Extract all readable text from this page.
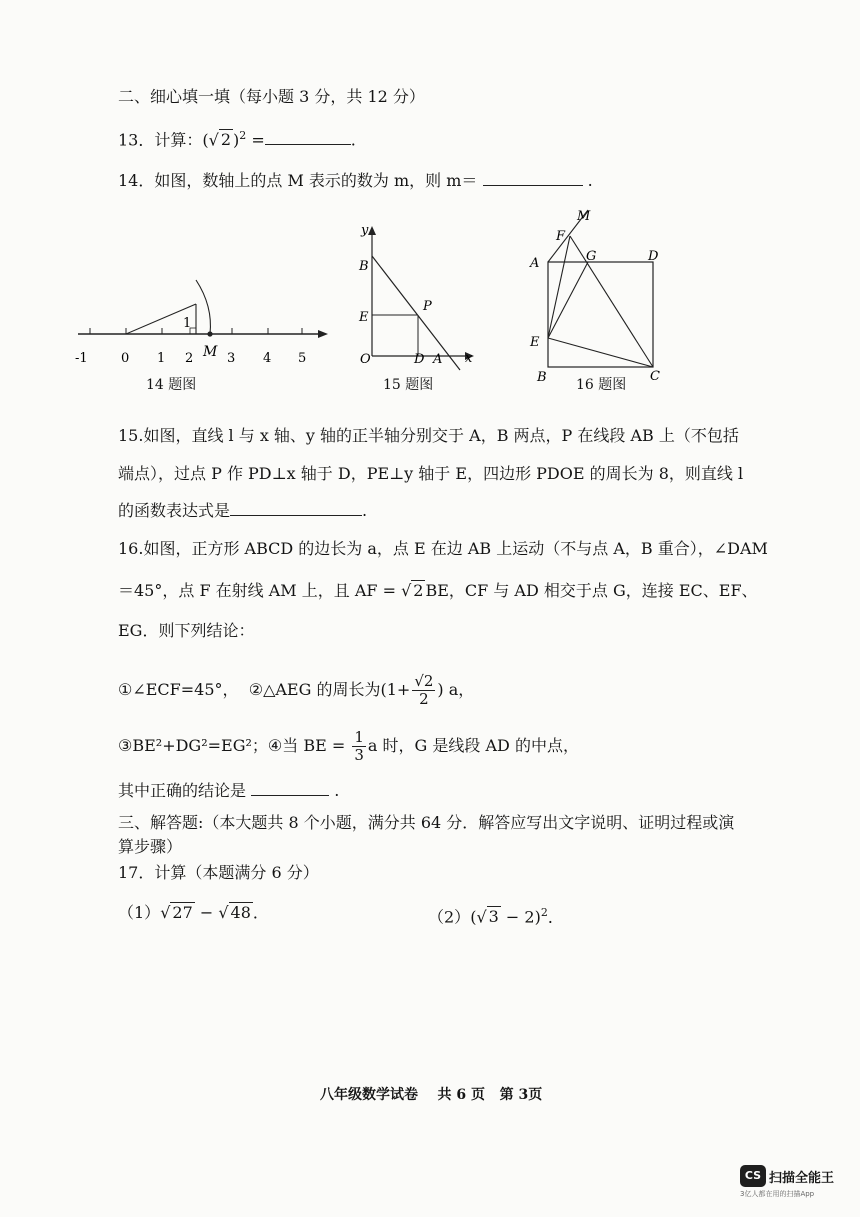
二、细心填一填（每小题 3 分，共 12 分）
13．计算：(√ 2 )$^2$ =	.
14．如图，数轴上的点 M 表示的数为 m，则 m＝	.
1
M
-1	0 1 2	3 4 5
14 题图
y
B
E
P
O	D A x
15 题图
M
F
G
A	D
E
B	C
16 题图
15.如图，直线 l 与 x 轴、y 轴的正半轴分别交于 A，B 两点，P 在线段 AB 上（不包括
端点），过点 P 作 PD⊥x 轴于 D，PE⊥y 轴于 E，四边形 PDOE 的周长为 8，则直线 l
的函数表达式是	.
16.如图，正方形 ABCD 的边长为 a，点 E 在边 AB 上运动（不与点 A，B 重合），∠DAM
＝45°，点 F 在射线 AM 上，且 AF = √ 2 BE，CF 与 AD 相交于点 G，连接 EC、EF、
EG．则下列结论：
①∠ECF=45°， ②△AEG 的周长为($1+ \frac{√2}{2}$ ) a，
③BE²+DG²=EG²；④当 BE = $\frac{1}{3}$ a 时，G 是线段 AD 的中点，
其中正确的结论是	.
三、解答题:（本大题共 8 个小题，满分共 64 分．解答应写出文字说明、证明过程或演
算步骤）
17．计算（本题满分 6 分）
（1）√ 27 − √ 48 ．	（2）(√ 3 − 2)$^2$．
八年级数学试卷    共 6 页   第 3页
CS 扫描全能王
3亿人都在用的扫描App
